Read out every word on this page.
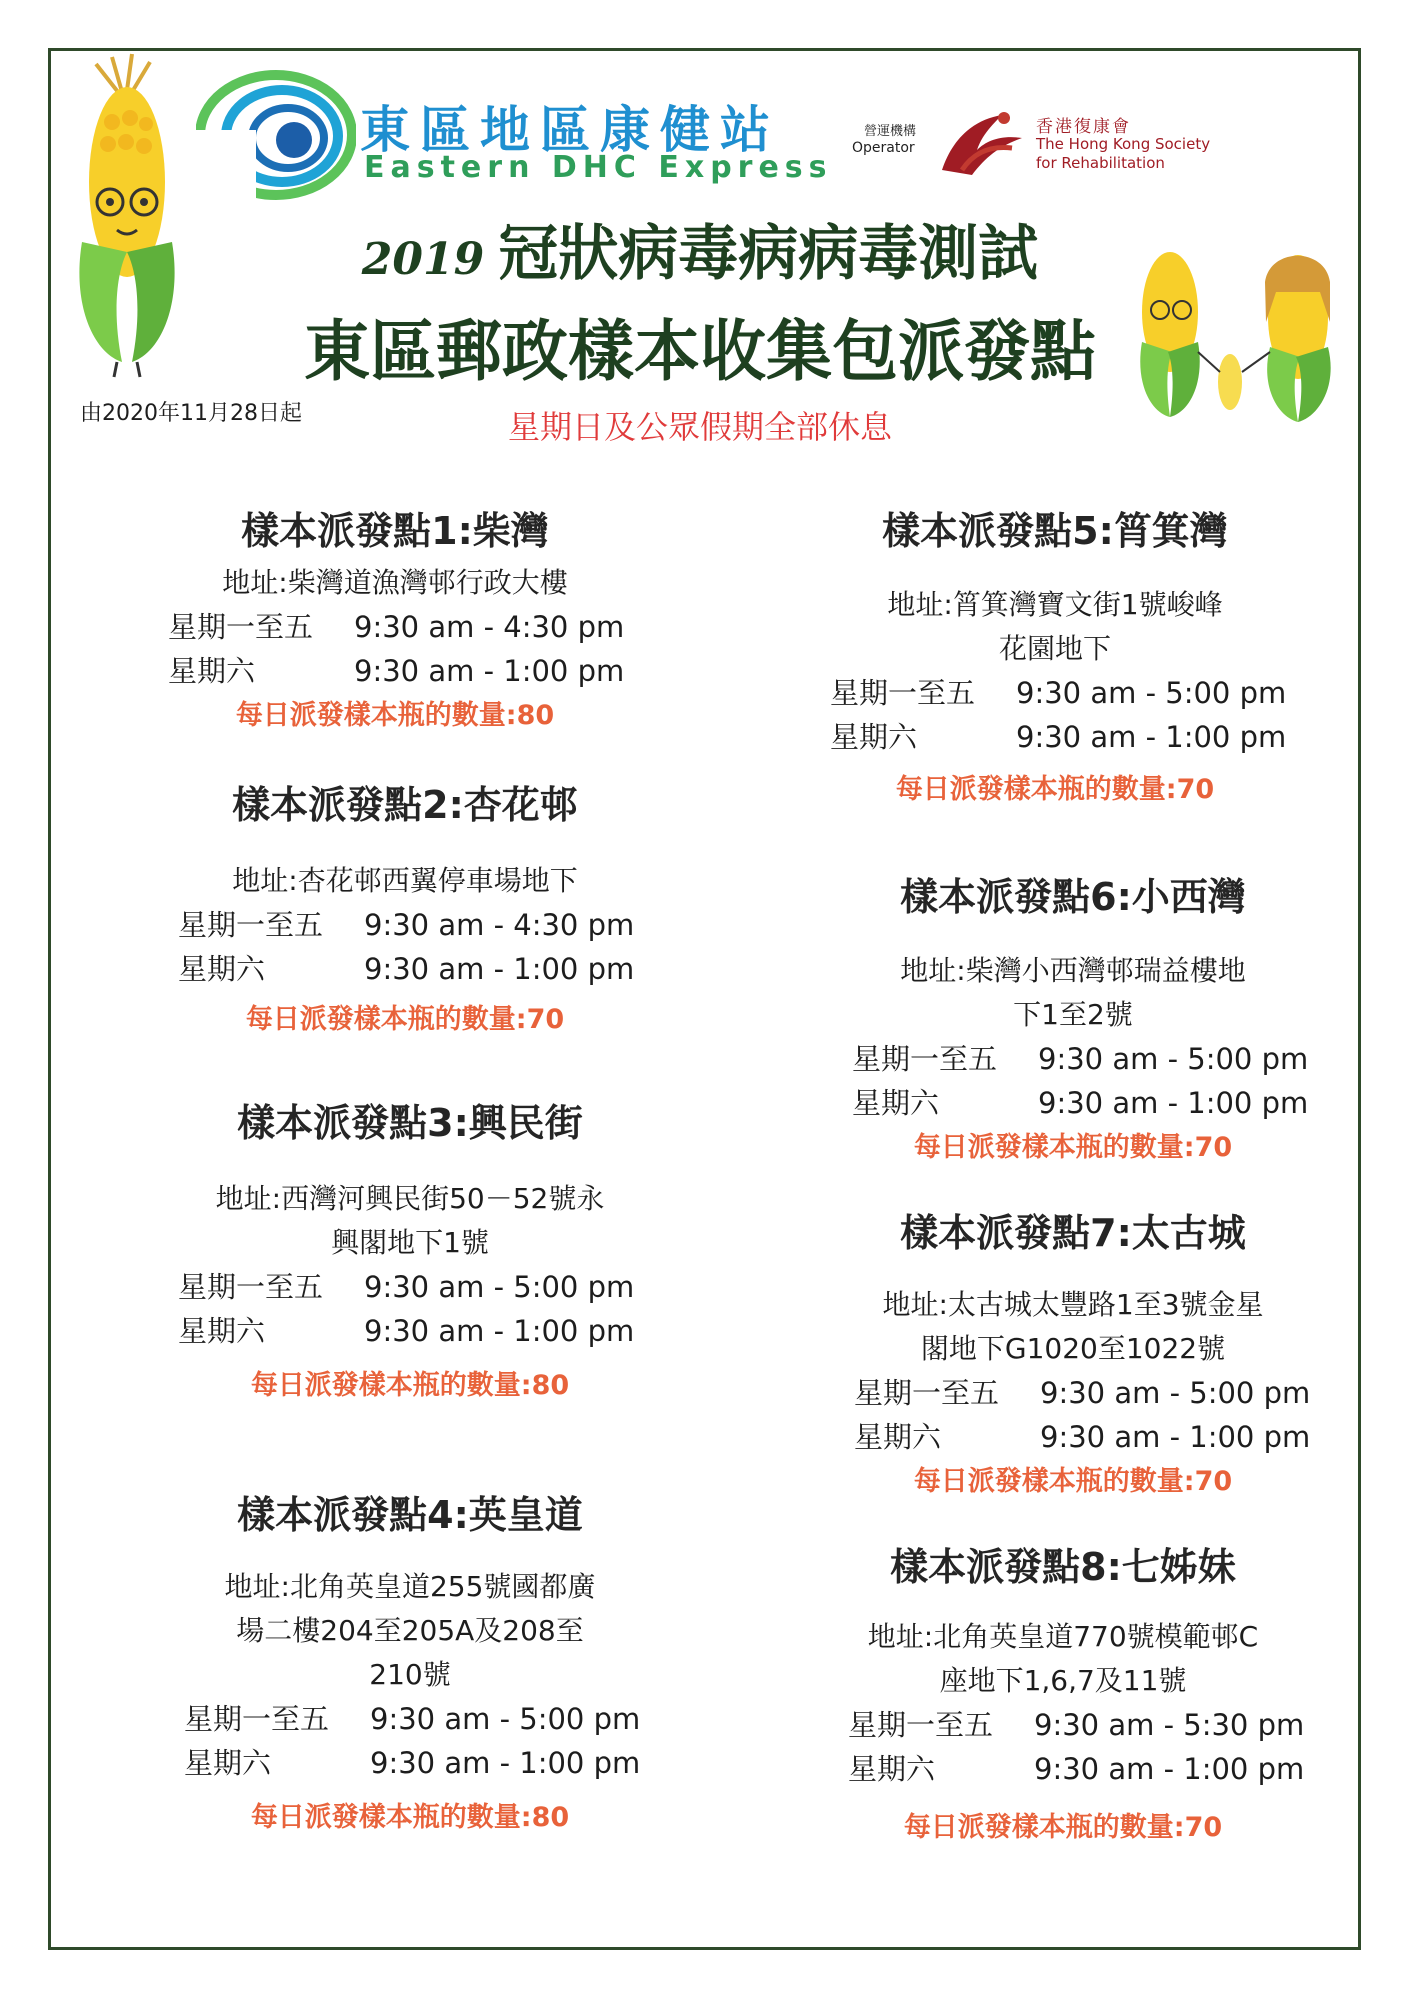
東區地區康健站
Eastern DHC Express
營運機構
Operator
香港復康會
The Hong Kong Society
for Rehabilitation
2019 冠狀病毒病病毒測試
東區郵政樣本收集包派發點
由2020年11月28日起	星期日及公眾假期全部休息
樣本派發點1:柴灣
地址:柴灣道漁灣邨行政大樓
星期一至五 9:30 am - 4:30 pm
星期六	9:30 am - 1:00 pm
每日派發樣本瓶的數量:80
樣本派發點2:杏花邨
地址:杏花邨西翼停車場地下
星期一至五 9:30 am - 4:30 pm
星期六	9:30 am - 1:00 pm
每日派發樣本瓶的數量:70
樣本派發點3:興民街
地址:西灣河興民街50－52號永
興閣地下1號
星期一至五 9:30 am - 5:00 pm
星期六	9:30 am - 1:00 pm
每日派發樣本瓶的數量:80
樣本派發點4:英皇道
地址:北角英皇道255號國都廣
場二樓204至205A及208至
210號
星期一至五 9:30 am - 5:00 pm
星期六	9:30 am - 1:00 pm
每日派發樣本瓶的數量:80
樣本派發點5:筲箕灣
地址:筲箕灣寶文街1號峻峰
花園地下
星期一至五 9:30 am - 5:00 pm
星期六	9:30 am - 1:00 pm
每日派發樣本瓶的數量:70
樣本派發點6:小西灣
地址:柴灣小西灣邨瑞益樓地
下1至2號
星期一至五 9:30 am - 5:00 pm
星期六	9:30 am - 1:00 pm
每日派發樣本瓶的數量:70
樣本派發點7:太古城
地址:太古城太豐路1至3號金星
閣地下G1020至1022號
星期一至五 9:30 am - 5:00 pm
星期六	9:30 am - 1:00 pm
每日派發樣本瓶的數量:70
樣本派發點8:七姊妹
地址:北角英皇道770號模範邨C
座地下1,6,7及11號
星期一至五 9:30 am - 5:30 pm
星期六	9:30 am - 1:00 pm
每日派發樣本瓶的數量:70
